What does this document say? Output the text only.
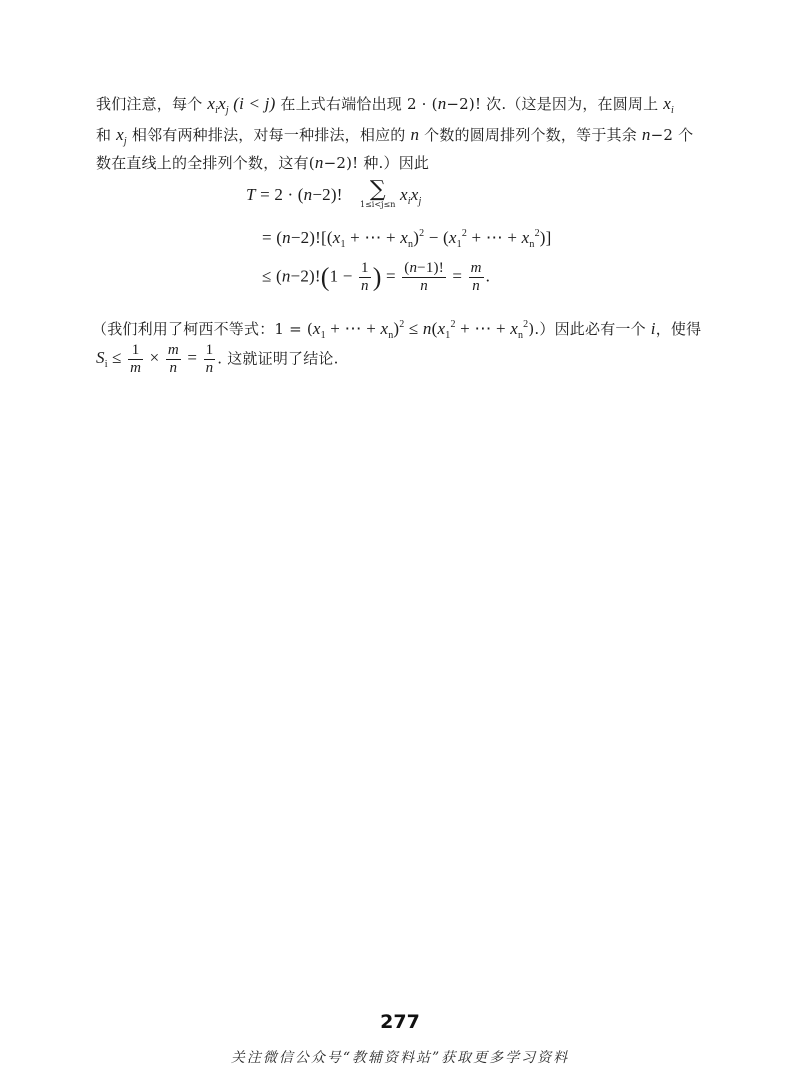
我们注意，每个 $x_ix_j$ (i < j) 在上式右端恰出现 2 · (n−2)! 次.（这是因为，在圆周上 $x_i$
和 $x_j$ 相邻有两种排法，对每一种排法，相应的 n 个数的圆周排列个数，等于其余 n−2 个
数在直线上的全排列个数，这有(n−2)! 种.）因此
T = 2 · (n−2)!	∑
1≤i<j≤n
$x_ix_j$
= $(n-2)![(x_1$ + ⋯ + $x_n)^2 - (x_1^2$ + ⋯ + $x_n^2$)]
≤ $(n-2)!(1 - \frac{1}{n}$ ) = $\frac{(n-1)!}{n} = \frac{m}{n}$ .
（我们利用了柯西不等式：$1 = (x_1$ + ⋯ + $x_n)^2 \le n(x_1^2$ + ⋯ + $x_n^2$).）因此必有一个 i，使得
$S_i \le \frac{1}{m} \times \frac{m}{n} = \frac{1}{n}$ . 这就证明了结论.
277
关注微信公众号“教辅资料站”获取更多学习资料
